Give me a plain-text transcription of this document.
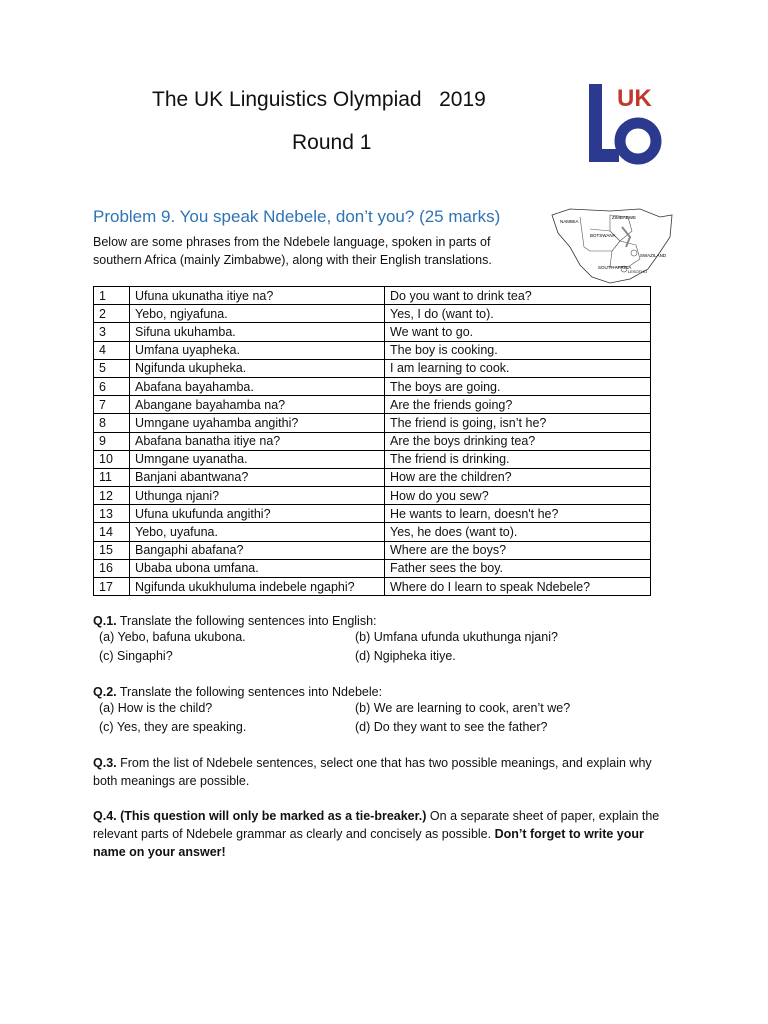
The UK Linguistics Olympiad   2019
Round 1
UK
Problem 9. You speak Ndebele, don’t you? (25 marks)
Below are some phrases from the Ndebele language, spoken in parts of southern Africa (mainly Zimbabwe), along with their English translations.
NAMIBIA
ZIMBABWE
BOTSWANA
SOUTH AFRICA
SWAZILAND
LESOTHO
1	Ufuna ukunatha itiye na?	Do you want to drink tea?
2	Yebo, ngiyafuna.	Yes, I do (want to).
3	Sifuna ukuhamba.	We want to go.
4	Umfana uyapheka.	The boy is cooking.
5	Ngifunda ukupheka.	I am learning to cook.
6	Abafana bayahamba.	The boys are going.
7	Abangane bayahamba na?	Are the friends going?
8	Umngane uyahamba angithi?	The friend is going, isn’t he?
9	Abafana banatha itiye na?	Are the boys drinking tea?
10	Umngane uyanatha.	The friend is drinking.
11	Banjani abantwana?	How are the children?
12	Uthunga njani?	How do you sew?
13	Ufuna ukufunda angithi?	He wants to learn, doesn't he?
14	Yebo, uyafuna.	Yes, he does (want to).
15	Bangaphi abafana?	Where are the boys?
16	Ubaba ubona umfana.	Father sees the boy.
17	Ngifunda ukukhuluma indebele ngaphi?	Where do I learn to speak Ndebele?
Q.1. Translate the following sentences into English:
(a) Yebo, bafuna ukubona.	(b) Umfana ufunda ukuthunga njani?
(c) Singaphi?	(d) Ngipheka itiye.
Q.2. Translate the following sentences into Ndebele:
(a) How is the child?	(b) We are learning to cook, aren’t we?
(c) Yes, they are speaking.	(d) Do they want to see the father?
Q.3. From the list of Ndebele sentences, select one that has two possible meanings, and explain why both meanings are possible.
Q.4. (This question will only be marked as a tie-breaker.) On a separate sheet of paper, explain the relevant parts of Ndebele grammar as clearly and concisely as possible. Don’t forget to write your name on your answer!
